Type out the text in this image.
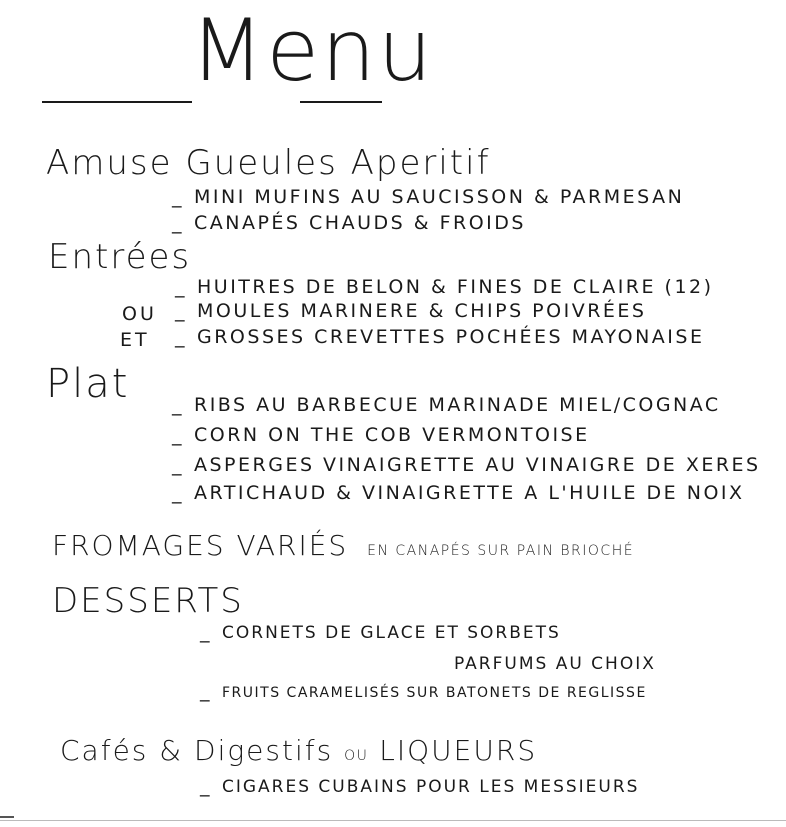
Menu
Amuse Gueules Aperitif
_ MINI MUFINS AU SAUCISSON & PARMESAN
_ CANAPÉS CHAUDS & FROIDS
Entrées
_ HUITRES DE BELON & FINES DE CLAIRE (12)
OU _ MOULES MARINERE & CHIPS POIVRÉES
ET _ GROSSES CREVETTES POCHÉES MAYONAISE
Plat _ RIBS AU BARBECUE MARINADE MIEL/COGNAC
_ CORN ON THE COB VERMONTOISE
_ ASPERGES VINAIGRETTE AU VINAIGRE DE XERES
_ ARTICHAUD & VINAIGRETTE A L'HUILE DE NOIX
FROMAGES VARIÉS EN CANAPÉS SUR PAIN BRIOCHÉ
DESSERTS
_ CORNETS DE GLACE ET SORBETS
PARFUMS AU CHOIX
_ FRUITS CARAMELISÉS SUR BATONETS DE REGLISSE
Cafés & Digestifs OU LIQUEURS
_ CIGARES CUBAINS POUR LES MESSIEURS
